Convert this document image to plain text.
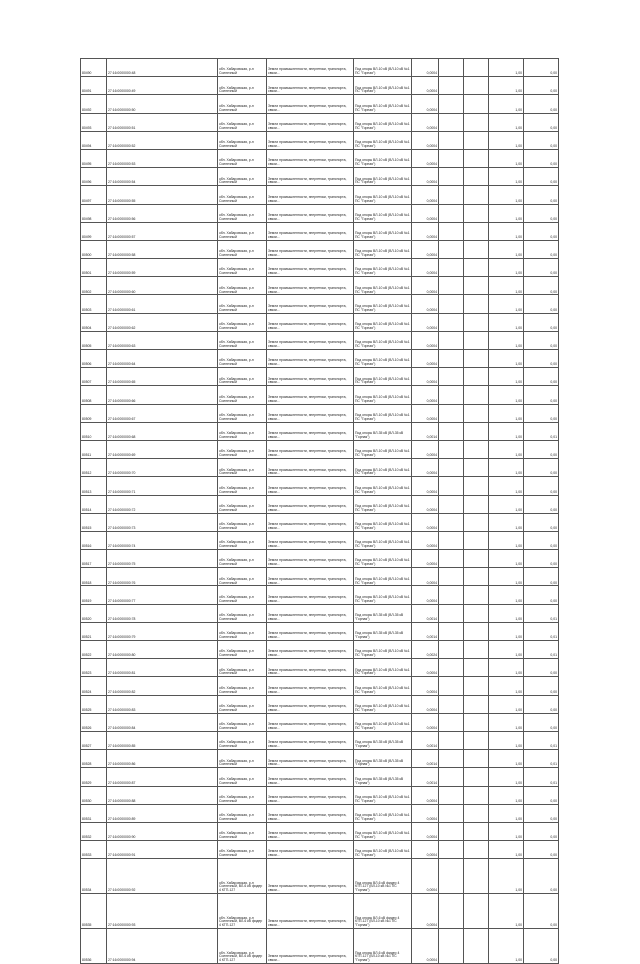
80490	27:16:0000000:48	обл. Хабаровская, р-н Солнечный	Земли промышленности, энергетики, транспорта, связи...	Под опоры ВЛ-10 кВ (ВЛ-10 кВ №1 ПС "Горная")	0,0004			1,00	0,00
80491	27:16:0000000:49	обл. Хабаровская, р-н Солнечный	Земли промышленности, энергетики, транспорта, связи...	Под опоры ВЛ-10 кВ (ВЛ-10 кВ №1 ПС "Горная")	0,0004			1,00	0,00
80492	27:16:0000000:50	обл. Хабаровская, р-н Солнечный	Земли промышленности, энергетики, транспорта, связи...	Под опоры ВЛ-10 кВ (ВЛ-10 кВ №1 ПС "Горная")	0,0004			1,00	0,00
80493	27:16:0000000:51	обл. Хабаровская, р-н Солнечный	Земли промышленности, энергетики, транспорта, связи...	Под опоры ВЛ-10 кВ (ВЛ-10 кВ №1 ПС "Горная")	0,0004			1,00	0,00
80494	27:16:0000000:52	обл. Хабаровская, р-н Солнечный	Земли промышленности, энергетики, транспорта, связи...	Под опоры ВЛ-10 кВ (ВЛ-10 кВ №1 ПС "Горная")	0,0004			1,00	0,00
80495	27:16:0000000:53	обл. Хабаровская, р-н Солнечный	Земли промышленности, энергетики, транспорта, связи...	Под опоры ВЛ-10 кВ (ВЛ-10 кВ №1 ПС "Горная")	0,0004			1,00	0,00
80496	27:16:0000000:54	обл. Хабаровская, р-н Солнечный	Земли промышленности, энергетики, транспорта, связи...	Под опоры ВЛ-10 кВ (ВЛ-10 кВ №1 ПС "Горная")	0,0004			1,00	0,00
80497	27:16:0000000:55	обл. Хабаровская, р-н Солнечный	Земли промышленности, энергетики, транспорта, связи...	Под опоры ВЛ-10 кВ (ВЛ-10 кВ №1 ПС "Горная")	0,0004			1,00	0,00
80498	27:16:0000000:56	обл. Хабаровская, р-н Солнечный	Земли промышленности, энергетики, транспорта, связи...	Под опоры ВЛ-10 кВ (ВЛ-10 кВ №1 ПС "Горная")	0,0004			1,00	0,00
80499	27:16:0000000:57	обл. Хабаровская, р-н Солнечный	Земли промышленности, энергетики, транспорта, связи...	Под опоры ВЛ-10 кВ (ВЛ-10 кВ №1 ПС "Горная")	0,0004			1,00	0,00
80500	27:16:0000000:58	обл. Хабаровская, р-н Солнечный	Земли промышленности, энергетики, транспорта, связи...	Под опоры ВЛ-10 кВ (ВЛ-10 кВ №1 ПС "Горная")	0,0004			1,00	0,00
80501	27:16:0000000:59	обл. Хабаровская, р-н Солнечный	Земли промышленности, энергетики, транспорта, связи...	Под опоры ВЛ-10 кВ (ВЛ-10 кВ №1 ПС "Горная")	0,0004			1,00	0,00
80502	27:16:0000000:60	обл. Хабаровская, р-н Солнечный	Земли промышленности, энергетики, транспорта, связи...	Под опоры ВЛ-10 кВ (ВЛ-10 кВ №1 ПС "Горная")	0,0004			1,00	0,00
80503	27:16:0000000:61	обл. Хабаровская, р-н Солнечный	Земли промышленности, энергетики, транспорта, связи...	Под опоры ВЛ-10 кВ (ВЛ-10 кВ №1 ПС "Горная")	0,0004			1,00	0,00
80504	27:16:0000000:62	обл. Хабаровская, р-н Солнечный	Земли промышленности, энергетики, транспорта, связи...	Под опоры ВЛ-10 кВ (ВЛ-10 кВ №1 ПС "Горная")	0,0004			1,00	0,00
80505	27:16:0000000:63	обл. Хабаровская, р-н Солнечный	Земли промышленности, энергетики, транспорта, связи...	Под опоры ВЛ-10 кВ (ВЛ-10 кВ №1 ПС "Горная")	0,0004			1,00	0,00
80506	27:16:0000000:64	обл. Хабаровская, р-н Солнечный	Земли промышленности, энергетики, транспорта, связи...	Под опоры ВЛ-10 кВ (ВЛ-10 кВ №1 ПС "Горная")	0,0004			1,00	0,00
80507	27:16:0000000:65	обл. Хабаровская, р-н Солнечный	Земли промышленности, энергетики, транспорта, связи...	Под опоры ВЛ-10 кВ (ВЛ-10 кВ №1 ПС "Горная")	0,0004			1,00	0,00
80508	27:16:0000000:66	обл. Хабаровская, р-н Солнечный	Земли промышленности, энергетики, транспорта, связи...	Под опоры ВЛ-10 кВ (ВЛ-10 кВ №1 ПС "Горная")	0,0004			1,00	0,00
80509	27:16:0000000:67	обл. Хабаровская, р-н Солнечный	Земли промышленности, энергетики, транспорта, связи...	Под опоры ВЛ-10 кВ (ВЛ-10 кВ №1 ПС "Горная")	0,0004			1,00	0,00
80510	27:16:0000000:68	обл. Хабаровская, р-н Солнечный	Земли промышленности, энергетики, транспорта, связи...	Под опоры ВЛ-35 кВ (ВЛ-35 кВ "Горная")	0,0014			1,00	0,01
80511	27:16:0000000:69	обл. Хабаровская, р-н Солнечный	Земли промышленности, энергетики, транспорта, связи...	Под опоры ВЛ-10 кВ (ВЛ-10 кВ №1 ПС "Горная")	0,0004			1,00	0,00
80512	27:16:0000000:70	обл. Хабаровская, р-н Солнечный	Земли промышленности, энергетики, транспорта, связи...	Под опоры ВЛ-10 кВ (ВЛ-10 кВ №1 ПС "Горная")	0,0004			1,00	0,00
80513	27:16:0000000:71	обл. Хабаровская, р-н Солнечный	Земли промышленности, энергетики, транспорта, связи...	Под опоры ВЛ-10 кВ (ВЛ-10 кВ №1 ПС "Горная")	0,0004			1,00	0,00
80514	27:16:0000000:72	обл. Хабаровская, р-н Солнечный	Земли промышленности, энергетики, транспорта, связи...	Под опоры ВЛ-10 кВ (ВЛ-10 кВ №1 ПС "Горная")	0,0004			1,00	0,00
80515	27:16:0000000:73	обл. Хабаровская, р-н Солнечный	Земли промышленности, энергетики, транспорта, связи...	Под опоры ВЛ-10 кВ (ВЛ-10 кВ №1 ПС "Горная")	0,0004			1,00	0,00
80516	27:16:0000000:74	обл. Хабаровская, р-н Солнечный	Земли промышленности, энергетики, транспорта, связи...	Под опоры ВЛ-10 кВ (ВЛ-10 кВ №1 ПС "Горная")	0,0004			1,00	0,00
80517	27:16:0000000:75	обл. Хабаровская, р-н Солнечный	Земли промышленности, энергетики, транспорта, связи...	Под опоры ВЛ-10 кВ (ВЛ-10 кВ №1 ПС "Горная")	0,0004			1,00	0,00
80518	27:16:0000000:76	обл. Хабаровская, р-н Солнечный	Земли промышленности, энергетики, транспорта, связи...	Под опоры ВЛ-10 кВ (ВЛ-10 кВ №1 ПС "Горная")	0,0004			1,00	0,00
80519	27:16:0000000:77	обл. Хабаровская, р-н Солнечный	Земли промышленности, энергетики, транспорта, связи...	Под опоры ВЛ-10 кВ (ВЛ-10 кВ №1 ПС "Горная")	0,0004			1,00	0,00
80520	27:16:0000000:78	обл. Хабаровская, р-н Солнечный	Земли промышленности, энергетики, транспорта, связи...	Под опоры ВЛ-35 кВ (ВЛ-35 кВ "Горная")	0,0014			1,00	0,01
80521	27:16:0000000:79	обл. Хабаровская, р-н Солнечный	Земли промышленности, энергетики, транспорта, связи...	Под опоры ВЛ-35 кВ (ВЛ-35 кВ "Горная")	0,0014			1,00	0,01
80522	27:16:0000000:80	обл. Хабаровская, р-н Солнечный	Земли промышленности, энергетики, транспорта, связи...	Под опоры ВЛ-10 кВ (ВЛ-10 кВ №1 ПС "Горная")	0,0024			1,00	0,01
80523	27:16:0000000:81	обл. Хабаровская, р-н Солнечный	Земли промышленности, энергетики, транспорта, связи...	Под опоры ВЛ-10 кВ (ВЛ-10 кВ №1 ПС "Горная")	0,0004			1,00	0,00
80524	27:16:0000000:82	обл. Хабаровская, р-н Солнечный	Земли промышленности, энергетики, транспорта, связи...	Под опоры ВЛ-10 кВ (ВЛ-10 кВ №1 ПС "Горная")	0,0004			1,00	0,00
80525	27:16:0000000:83	обл. Хабаровская, р-н Солнечный	Земли промышленности, энергетики, транспорта, связи...	Под опоры ВЛ-10 кВ (ВЛ-10 кВ №1 ПС "Горная")	0,0004			1,00	0,00
80526	27:16:0000000:84	обл. Хабаровская, р-н Солнечный	Земли промышленности, энергетики, транспорта, связи...	Под опоры ВЛ-10 кВ (ВЛ-10 кВ №1 ПС "Горная")	0,0004			1,00	0,00
80527	27:16:0000000:85	обл. Хабаровская, р-н Солнечный	Земли промышленности, энергетики, транспорта, связи...	Под опоры ВЛ-35 кВ (ВЛ-35 кВ "Горная")	0,0014			1,00	0,01
80528	27:16:0000000:86	обл. Хабаровская, р-н Солнечный	Земли промышленности, энергетики, транспорта, связи...	Под опоры ВЛ-35 кВ (ВЛ-35 кВ "Горная")	0,0014			1,00	0,01
80529	27:16:0000000:87	обл. Хабаровская, р-н Солнечный	Земли промышленности, энергетики, транспорта, связи...	Под опоры ВЛ-35 кВ (ВЛ-35 кВ "Горная")	0,0014			1,00	0,01
80530	27:16:0000000:88	обл. Хабаровская, р-н Солнечный	Земли промышленности, энергетики, транспорта, связи...	Под опоры ВЛ-10 кВ (ВЛ-10 кВ №1 ПС "Горная")	0,0004			1,00	0,00
80531	27:16:0000000:89	обл. Хабаровская, р-н Солнечный	Земли промышленности, энергетики, транспорта, связи...	Под опоры ВЛ-10 кВ (ВЛ-10 кВ №1 ПС "Горная")	0,0004			1,00	0,00
80532	27:16:0000000:90	обл. Хабаровская, р-н Солнечный	Земли промышленности, энергетики, транспорта, связи...	Под опоры ВЛ-10 кВ (ВЛ-10 кВ №1 ПС "Горная")	0,0004			1,00	0,00
80533	27:16:0000000:91	обл. Хабаровская, р-н Солнечный	Земли промышленности, энергетики, транспорта, связи...	Под опоры ВЛ-10 кВ (ВЛ-10 кВ №1 ПС "Горная")	0,0004			1,00	0,00
80534	27:16:0000000:92	обл. Хабаровская, р-н Солнечный, ВЛ-6 кВ фидер 4 КТП-127	Земли промышленности, энергетики, транспорта, связи...	Под опоры ВЛ-6 кВ фидер 4 КТП-127 (ВЛ-10 кВ №1 ПС "Горная")	0,0004			1,00	0,00
80535	27:16:0000000:93	обл. Хабаровская, р-н Солнечный, ВЛ-6 кВ фидер 4 КТП-127	Земли промышленности, энергетики, транспорта, связи...	Под опоры ВЛ-6 кВ фидер 4 КТП-127 (ВЛ-10 кВ №1 ПС "Горная")	0,0004			1,00	0,00
80536	27:16:0000000:94	обл. Хабаровская, р-н Солнечный, ВЛ-6 кВ фидер 4 КТП-127	Земли промышленности, энергетики, транспорта, связи...	Под опоры ВЛ-6 кВ фидер 4 КТП-127 (ВЛ-10 кВ №1 ПС "Горная")	0,0004			1,00	0,00
